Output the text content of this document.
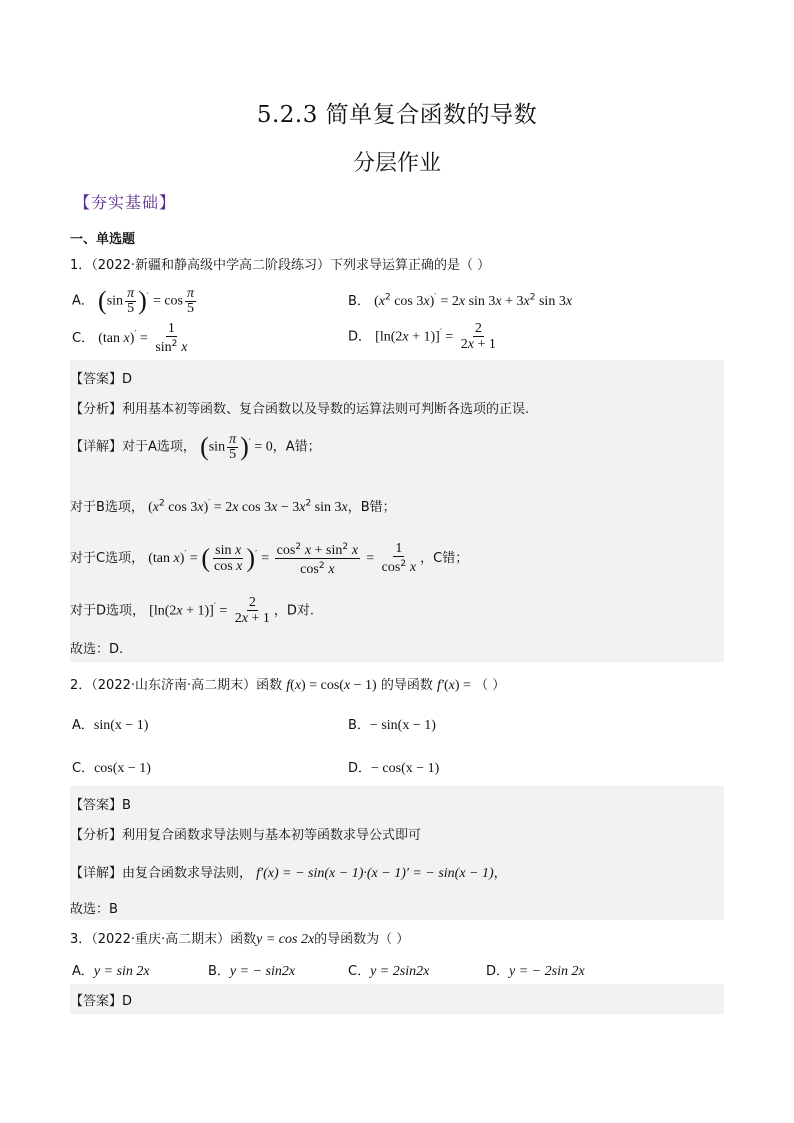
5.2.3 简单复合函数的导数
分层作业
【夯实基础】
一、单选题
1．（2022·新疆和静高级中学高二阶段练习）下列求导运算正确的是（ ）
A． $(\sin \frac{\pi}{5} )' = \cos \frac{\pi}{5}$	B． ($x^2$ cos 3x)′ = 2x $\sin 3x + 3x^2$ sin 3x
C． (tan $x)' = \frac{1}{\sin^2 x}$	D． $[\ln(2x + 1)]' = \frac{2}{2x + 1}$
【答案】D
【分析】利用基本初等函数、复合函数以及导数的运算法则可判断各选项的正误.
【详解】对于A选项， $(\sin \frac{\pi}{5} )' = 0$，A错；
对于B选项， ($x^2$ cos 3x)′ = 2x $\cos 3x - 3x^2$ sin 3x，B错；
对于C选项， (tan x)′ = ( $\frac{\text{sin x}}{\text{cos x}} )' = \frac{\cos^2 x + \sin^2 x}{\cos^2 x} = \frac{1}{\cos^2 x}$ ，C错；
对于D选项， $[\ln(2x + 1)]' = \frac{2}{2x + 1}$ ，D对.
故选：D.
2．（2022·山东济南·高二期末）函数 f(x) = cos(x − 1) 的导函数 f′(x) = （ ）
A．sin(x − 1)	B．− sin(x − 1)
C．cos(x − 1)	D．− cos(x − 1)
【答案】B
【分析】利用复合函数求导法则与基本初等函数求导公式即可
【详解】由复合函数求导法则， f′(x) = − sin(x − 1)·(x − 1)′ = − sin(x − 1)，
故选：B
3．（2022·重庆·高二期末）函数y = cos 2x的导函数为（ ）
A．y = sin 2x	B．y = − sin2x	C．y = 2sin2x	D．y = − 2sin 2x
【答案】D
